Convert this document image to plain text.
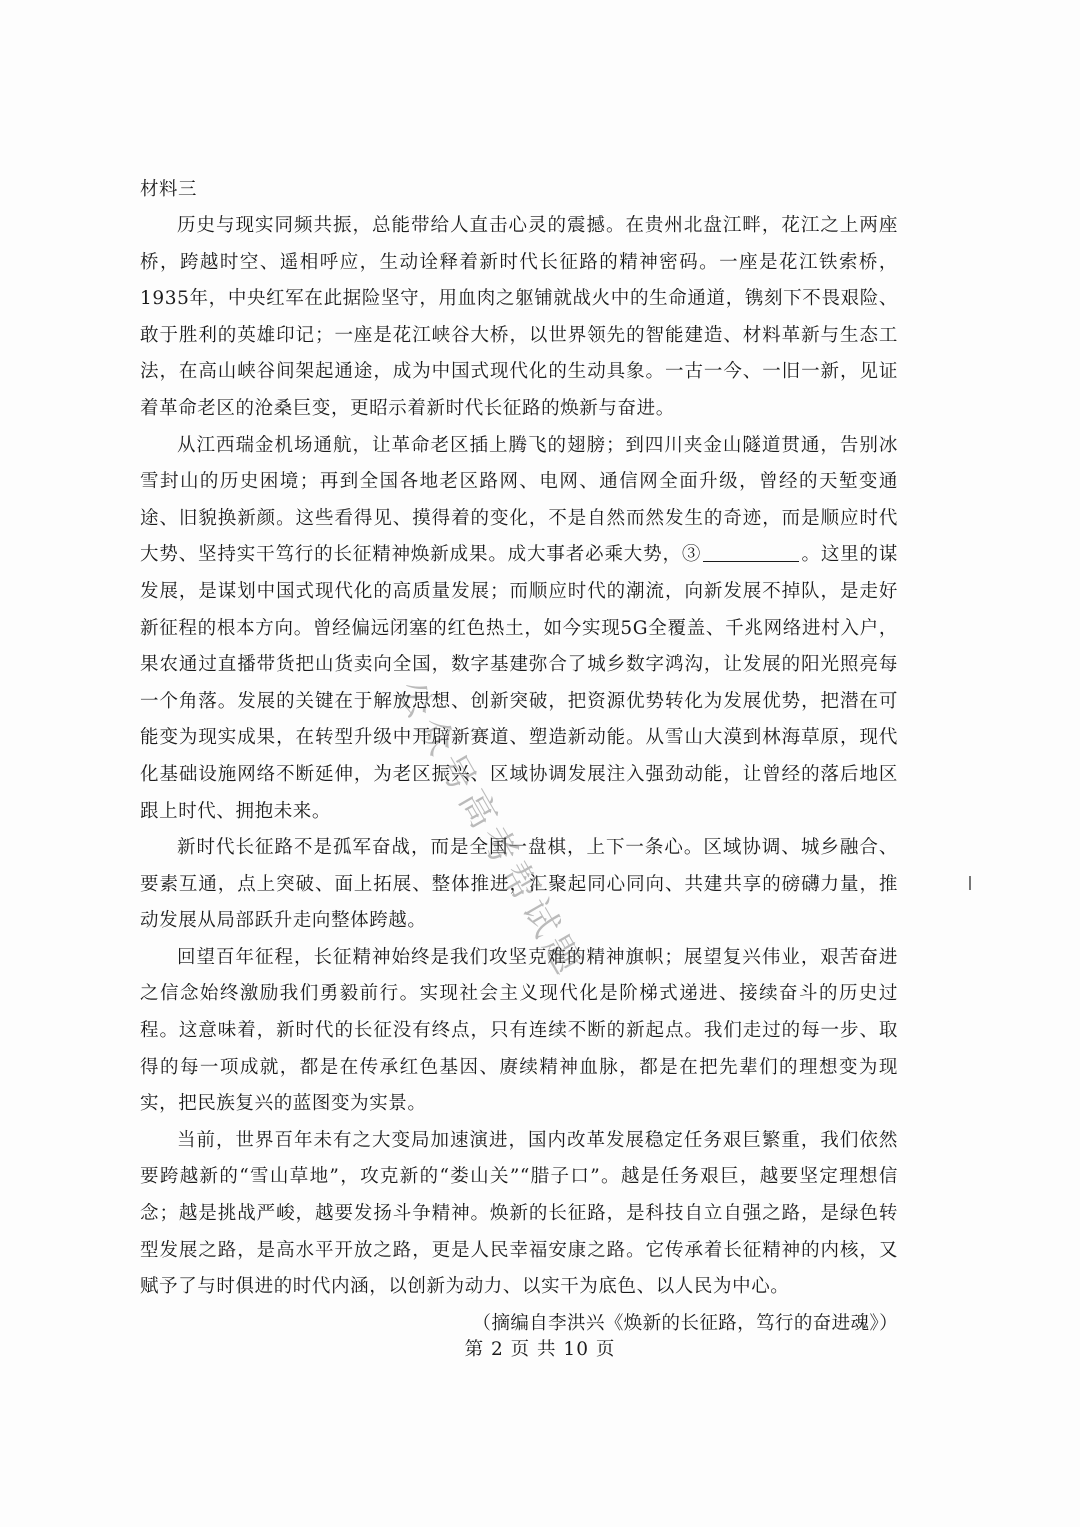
材料三

历史与现实同频共振，总能带给人直击心灵的震撼。在贵州北盘江畔，花江之上两座桥，跨越时空、遥相呼应，生动诠释着新时代长征路的精神密码。一座是花江铁索桥，1935年，中央红军在此据险坚守，用血肉之躯铺就战火中的生命通道，镌刻下不畏艰险、敢于胜利的英雄印记；一座是花江峡谷大桥，以世界领先的智能建造、材料革新与生态工法，在高山峡谷间架起通途，成为中国式现代化的生动具象。一古一今、一旧一新，见证着革命老区的沧桑巨变，更昭示着新时代长征路的焕新与奋进。

从江西瑞金机场通航，让革命老区插上腾飞的翅膀；到四川夹金山隧道贯通，告别冰雪封山的历史困境；再到全国各地老区路网、电网、通信网全面升级，曾经的天堑变通途、旧貌换新颜。这些看得见、摸得着的变化，不是自然而然发生的奇迹，而是顺应时代大势、坚持实干笃行的长征精神焕新成果。成大事者必乘大势，③	。这里的谋发展，是谋划中国式现代化的高质量发展；而顺应时代的潮流，向新发展不掉队，是走好新征程的根本方向。曾经偏远闭塞的红色热土，如今实现5G全覆盖、千兆网络进村入户，果农通过直播带货把山货卖向全国，数字基建弥合了城乡数字鸿沟，让发展的阳光照亮每一个角落。发展的关键在于解放思想、创新突破，把资源优势转化为发展优势，把潜在可能变为现实成果，在转型升级中开辟新赛道、塑造新动能。从雪山大漠到林海草原，现代化基础设施网络不断延伸，为老区振兴、区域协调发展注入强劲动能，让曾经的落后地区跟上时代、拥抱未来。

新时代长征路不是孤军奋战，而是全国一盘棋，上下一条心。区域协调、城乡融合、要素互通，点上突破、面上拓展、整体推进，汇聚起同心同向、共建共享的磅礴力量，推动发展从局部跃升走向整体跨越。

回望百年征程，长征精神始终是我们攻坚克难的精神旗帜；展望复兴伟业，艰苦奋进之信念始终激励我们勇毅前行。实现社会主义现代化是阶梯式递进、接续奋斗的历史过程。这意味着，新时代的长征没有终点，只有连续不断的新起点。我们走过的每一步、取得的每一项成就，都是在传承红色基因、赓续精神血脉，都是在把先辈们的理想变为现实，把民族复兴的蓝图变为实景。

当前，世界百年未有之大变局加速演进，国内改革发展稳定任务艰巨繁重，我们依然要跨越新的“雪山草地”，攻克新的“娄山关”“腊子口”。越是任务艰巨，越要坚定理想信念；越是挑战严峻，越要发扬斗争精神。焕新的长征路，是科技自立自强之路，是绿色转型发展之路，是高水平开放之路，更是人民幸福安康之路。它传承着长征精神的内核，又赋予了与时俱进的时代内涵，以创新为动力、以实干为底色、以人民为中心。

（摘编自李洪兴《焕新的长征路，笃行的奋进魂》）

第 2 页 共 10 页
公众号高考帮试题
